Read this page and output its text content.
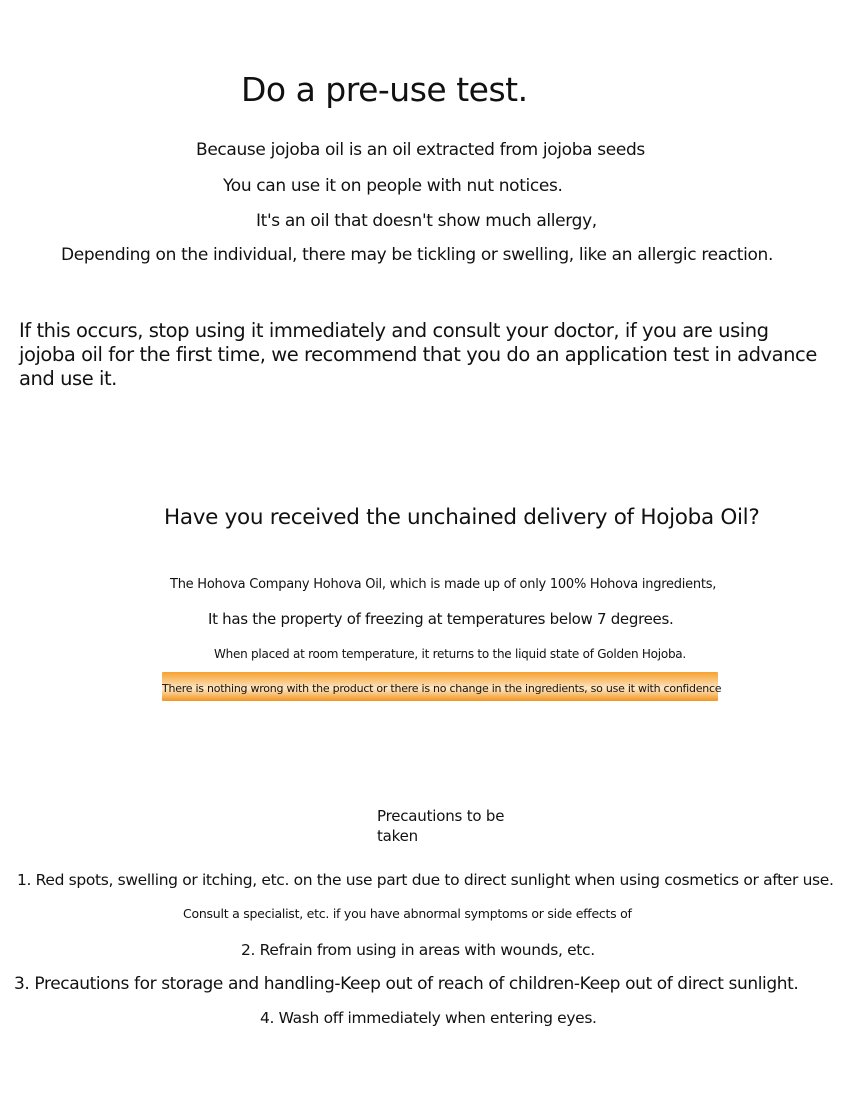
Do a pre-use test.
Because jojoba oil is an oil extracted from jojoba seeds
You can use it on people with nut notices.
It's an oil that doesn't show much allergy,
Depending on the individual, there may be tickling or swelling, like an allergic reaction.

If this occurs, stop using it immediately and consult your doctor, if you are using jojoba oil for the first time, we recommend that you do an application test in advance and use it.

Have you received the unchained delivery of Hojoba Oil?
The Hohova Company Hohova Oil, which is made up of only 100% Hohova ingredients,
It has the property of freezing at temperatures below 7 degrees.
When placed at room temperature, it returns to the liquid state of Golden Hojoba.
There is nothing wrong with the product or there is no change in the ingredients, so use it with confidence
Precautions to be taken
1. Red spots, swelling or itching, etc. on the use part due to direct sunlight when using cosmetics or after use.
Consult a specialist, etc. if you have abnormal symptoms or side effects of
2. Refrain from using in areas with wounds, etc.
3. Precautions for storage and handling-Keep out of reach of children-Keep out of direct sunlight.
4. Wash off immediately when entering eyes.
